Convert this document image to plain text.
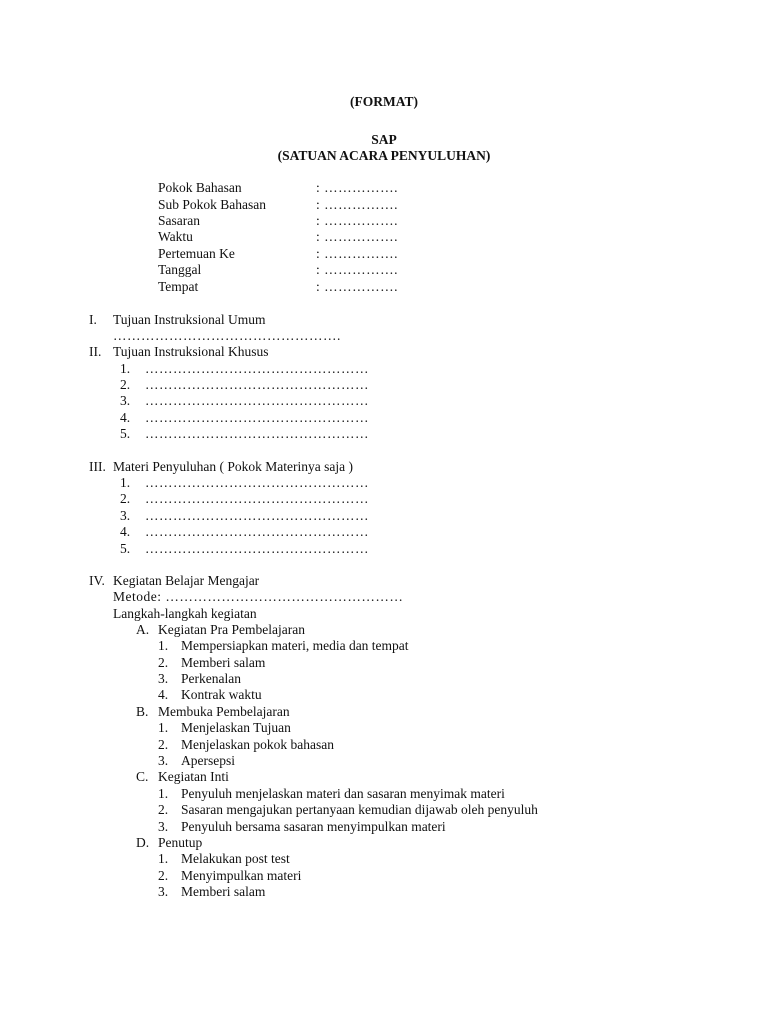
(FORMAT)
SAP
(SATUAN ACARA PENYULUHAN)
Pokok Bahasan	: …………….
Sub Pokok Bahasan	: …………….
Sasaran	: …………….
Waktu	: …………….
Pertemuan Ke	: …………….
Tanggal	: …………….
Tempat	: …………….
I. Tujuan Instruksional Umum
………………………………………….
II. Tujuan Instruksional Khusus
1. …………………………………………
2. …………………………………………
3. …………………………………………
4. …………………………………………
5. …………………………………………
III. Materi Penyuluhan ( Pokok Materinya saja )
1. …………………………………………
2. …………………………………………
3. …………………………………………
4. …………………………………………
5. …………………………………………
IV. Kegiatan Belajar Mengajar
Metode: ……………………………………………
Langkah-langkah kegiatan
A. Kegiatan Pra Pembelajaran
1. Mempersiapkan materi, media dan tempat
2. Memberi salam
3. Perkenalan
4. Kontrak waktu
B. Membuka Pembelajaran
1. Menjelaskan Tujuan
2. Menjelaskan pokok bahasan
3. Apersepsi
C. Kegiatan Inti
1. Penyuluh menjelaskan materi dan sasaran menyimak materi
2. Sasaran mengajukan pertanyaan kemudian dijawab oleh penyuluh
3. Penyuluh bersama sasaran menyimpulkan materi
D. Penutup
1. Melakukan post test
2. Menyimpulkan materi
3. Memberi salam
